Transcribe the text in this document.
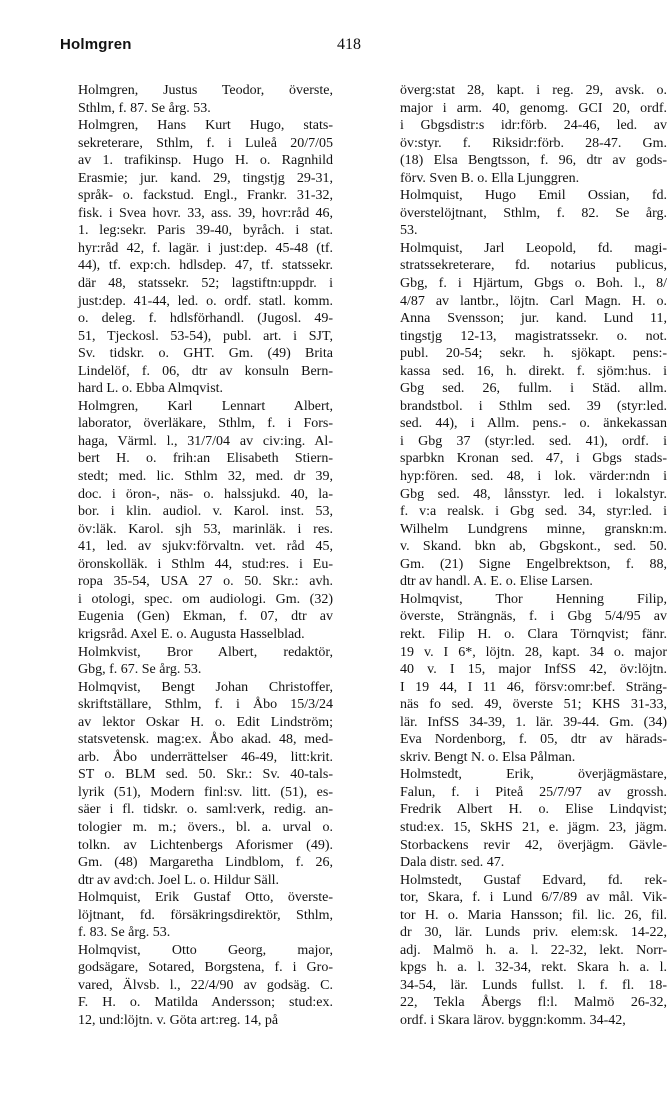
Holmgren	418
Holmgren, Justus Teodor, överste,
Sthlm, f. 87. Se årg. 53.
Holmgren, Hans Kurt Hugo, stats-
sekreterare, Sthlm, f. i Luleå 20/7/05
av 1. trafikinsp. Hugo H. o. Ragnhild
Erasmie; jur. kand. 29, tingstjg 29-31,
språk- o. fackstud. Engl., Frankr. 31-32,
fisk. i Svea hovr. 33, ass. 39, hovr:råd 46,
1. leg:sekr. Paris 39-40, byråch. i stat.
hyr:råd 42, f. lagär. i just:dep. 45-48 (tf.
44), tf. exp:ch. hdlsdep. 47, tf. statssekr.
där 48, statssekr. 52; lagstiftn:uppdr. i
just:dep. 41-44, led. o. ordf. statl. komm.
o. deleg. f. hdlsförhandl. (Jugosl. 49-
51, Tjeckosl. 53-54), publ. art. i SJT,
Sv. tidskr. o. GHT. Gm. (49) Brita
Lindelöf, f. 06, dtr av konsuln Bern-
hard L. o. Ebba Almqvist.
Holmgren, Karl Lennart Albert,
laborator, överläkare, Sthlm, f. i Fors-
haga, Värml. l., 31/7/04 av civ:ing. Al-
bert H. o. frih:an Elisabeth Stiern-
stedt; med. lic. Sthlm 32, med. dr 39,
doc. i öron-, näs- o. halssjukd. 40, la-
bor. i klin. audiol. v. Karol. inst. 53,
öv:läk. Karol. sjh 53, marinläk. i res.
41, led. av sjukv:förvaltn. vet. råd 45,
öronskolläk. i Sthlm 44, stud:res. i Eu-
ropa 35-54, USA 27 o. 50. Skr.: avh.
i otologi, spec. om audiologi. Gm. (32)
Eugenia (Gen) Ekman, f. 07, dtr av
krigsråd. Axel E. o. Augusta Hasselblad.
Holmkvist, Bror Albert, redaktör,
Gbg, f. 67. Se årg. 53.
Holmqvist, Bengt Johan Christoffer,
skriftställare, Sthlm, f. i Åbo 15/3/24
av lektor Oskar H. o. Edit Lindström;
statsvetensk. mag:ex. Åbo akad. 48, med-
arb. Åbo underrättelser 46-49, litt:krit.
ST o. BLM sed. 50. Skr.: Sv. 40-tals-
lyrik (51), Modern finl:sv. litt. (51), es-
säer i fl. tidskr. o. saml:verk, redig. an-
tologier m. m.; övers., bl. a. urval o.
tolkn. av Lichtenbergs Aforismer (49).
Gm. (48) Margaretha Lindblom, f. 26,
dtr av avd:ch. Joel L. o. Hildur Säll.
Holmquist, Erik Gustaf Otto, överste-
löjtnant, fd. försäkringsdirektör, Sthlm,
f. 83. Se årg. 53.
Holmqvist, Otto Georg, major,
godsägare, Sotared, Borgstena, f. i Gro-
vared, Älvsb. l., 22/4/90 av godsäg. C.
F. H. o. Matilda Andersson; stud:ex.
12, und:löjtn. v. Göta art:reg. 14, på
överg:stat 28, kapt. i reg. 29, avsk. o.
major i arm. 40, genomg. GCI 20, ordf.
i Gbgsdistr:s idr:förb. 24-46, led. av
öv:styr. f. Riksidr:förb. 28-47. Gm.
(18) Elsa Bengtsson, f. 96, dtr av gods-
förv. Sven B. o. Ella Ljunggren.
Holmquist, Hugo Emil Ossian, fd.
överstelöjtnant, Sthlm, f. 82. Se årg.
53.
Holmquist, Jarl Leopold, fd. magi-
stratssekreterare, fd. notarius publicus,
Gbg, f. i Hjärtum, Gbgs o. Boh. l., 8/
4/87 av lantbr., löjtn. Carl Magn. H. o.
Anna Svensson; jur. kand. Lund 11,
tingstjg 12-13, magistratssekr. o. not.
publ. 20-54; sekr. h. sjökapt. pens:-
kassa sed. 16, h. direkt. f. sjöm:hus. i
Gbg sed. 26, fullm. i Städ. allm.
brandstbol. i Sthlm sed. 39 (styr:led.
sed. 44), i Allm. pens.- o. änkekassan
i Gbg 37 (styr:led. sed. 41), ordf. i
sparbkn Kronan sed. 47, i Gbgs stads-
hyp:fören. sed. 48, i lok. värder:ndn i
Gbg sed. 48, lånsstyr. led. i lokalstyr.
f. v:a realsk. i Gbg sed. 34, styr:led. i
Wilhelm Lundgrens minne, granskn:m.
v. Skand. bkn ab, Gbgskont., sed. 50.
Gm. (21) Signe Engelbrektson, f. 88,
dtr av handl. A. E. o. Elise Larsen.
Holmqvist, Thor Henning Filip,
överste, Strängnäs, f. i Gbg 5/4/95 av
rekt. Filip H. o. Clara Törnqvist; fänr.
19 v. I 6*, löjtn. 28, kapt. 34 o. major
40 v. I 15, major InfSS 42, öv:löjtn.
I 19 44, I 11 46, försv:omr:bef. Sträng-
näs fo sed. 49, överste 51; KHS 31-33,
lär. InfSS 34-39, 1. lär. 39-44. Gm. (34)
Eva Nordenborg, f. 05, dtr av härads-
skriv. Bengt N. o. Elsa Pålman.
Holmstedt, Erik, överjägmästare,
Falun, f. i Piteå 25/7/97 av grossh.
Fredrik Albert H. o. Elise Lindqvist;
stud:ex. 15, SkHS 21, e. jägm. 23, jägm.
Storbackens revir 42, överjägm. Gävle-
Dala distr. sed. 47.
Holmstedt, Gustaf Edvard, fd. rek-
tor, Skara, f. i Lund 6/7/89 av mål. Vik-
tor H. o. Maria Hansson; fil. lic. 26, fil.
dr 30, lär. Lunds priv. elem:sk. 14-22,
adj. Malmö h. a. l. 22-32, lekt. Norr-
kpgs h. a. l. 32-34, rekt. Skara h. a. l.
34-54, lär. Lunds fullst. l. f. fl. 18-
22, Tekla Åbergs fl:l. Malmö 26-32,
ordf. i Skara lärov. byggn:komm. 34-42,
